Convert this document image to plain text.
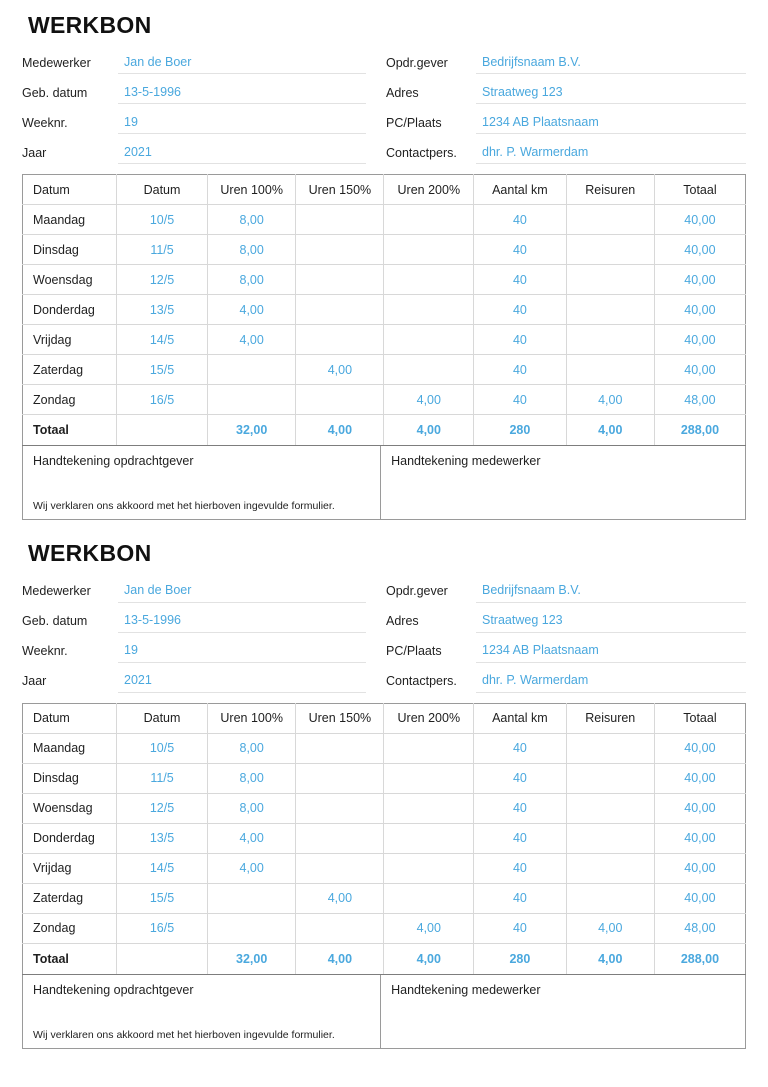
WERKBON
Medewerker	Jan de Boer
Geb. datum	13-5-1996
Weeknr.	19
Jaar	2021
Opdr.gever	Bedrijfsnaam B.V.
Adres	Straatweg 123
PC/Plaats	1234 AB Plaatsnaam
Contactpers.	dhr. P. Warmerdam
Datum	Datum	Uren 100%	Uren 150%	Uren 200%	Aantal km	Reisuren	Totaal
Maandag	10/5	8,00			40		40,00
Dinsdag	11/5	8,00			40		40,00
Woensdag	12/5	8,00			40		40,00
Donderdag	13/5	4,00			40		40,00
Vrijdag	14/5	4,00			40		40,00
Zaterdag	15/5		4,00		40		40,00
Zondag	16/5			4,00	40	4,00	48,00
Totaal		32,00	4,00	4,00	280	4,00	288,00
Handtekening opdrachtgever
Wij verklaren ons akkoord met het hierboven ingevulde formulier.
Handtekening medewerker
WERKBON
Medewerker	Jan de Boer
Geb. datum	13-5-1996
Weeknr.	19
Jaar	2021
Opdr.gever	Bedrijfsnaam B.V.
Adres	Straatweg 123
PC/Plaats	1234 AB Plaatsnaam
Contactpers.	dhr. P. Warmerdam
Datum	Datum	Uren 100%	Uren 150%	Uren 200%	Aantal km	Reisuren	Totaal
Maandag	10/5	8,00			40		40,00
Dinsdag	11/5	8,00			40		40,00
Woensdag	12/5	8,00			40		40,00
Donderdag	13/5	4,00			40		40,00
Vrijdag	14/5	4,00			40		40,00
Zaterdag	15/5		4,00		40		40,00
Zondag	16/5			4,00	40	4,00	48,00
Totaal		32,00	4,00	4,00	280	4,00	288,00
Handtekening opdrachtgever
Wij verklaren ons akkoord met het hierboven ingevulde formulier.
Handtekening medewerker
